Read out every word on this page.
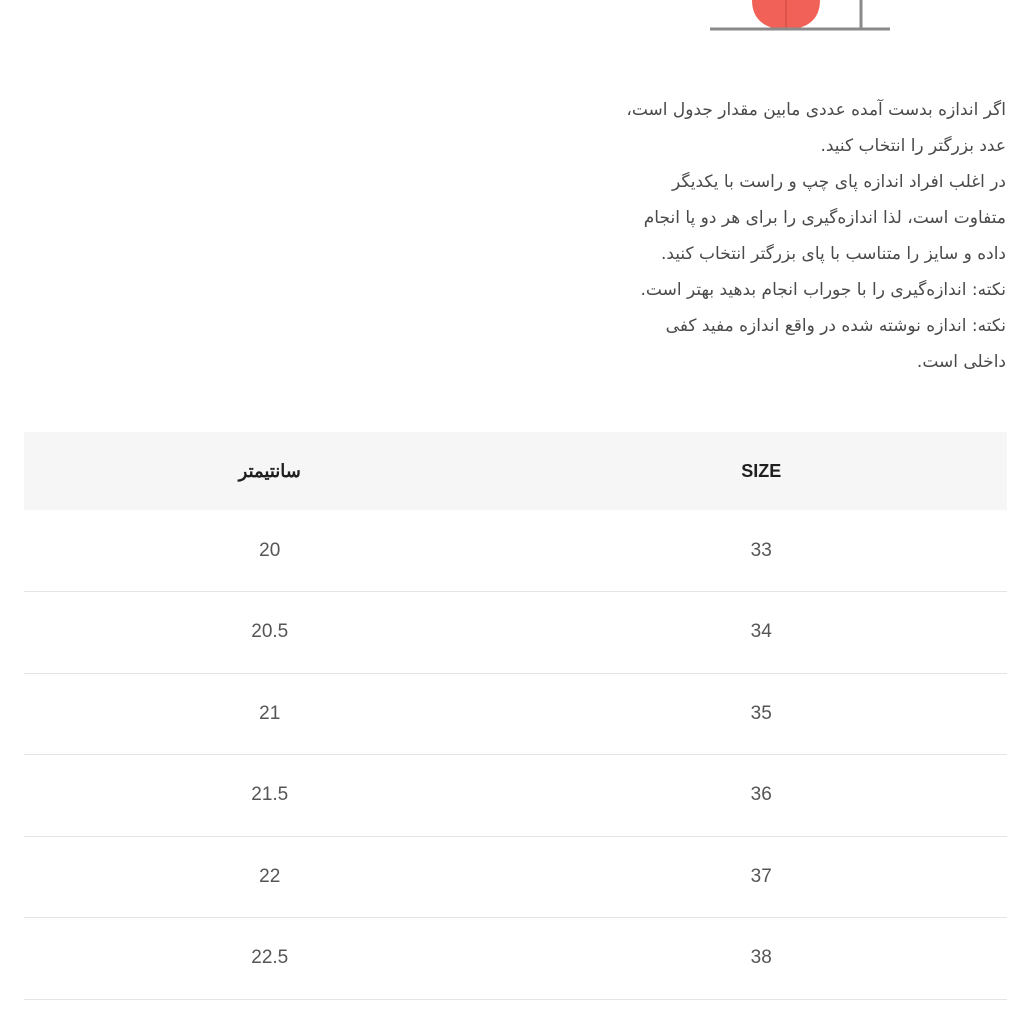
اگر اندازه بدست آمده عددی مابین مقدار جدول است،
عدد بزرگتر را انتخاب کنید.
در اغلب افراد اندازه پای چپ و راست با یکدیگر
متفاوت است، لذا اندازه‌گیری را برای هر دو پا انجام
داده و سایز را متناسب با پای بزرگتر انتخاب کنید.
نکته: اندازه‌گیری را با جوراب انجام بدهید بهتر است.
نکته: اندازه نوشته شده در واقع اندازه مفید کفی
داخلی است.
سانتیمتر	SIZE
20	33
20.5	34
21	35
21.5	36
22	37
22.5	38
